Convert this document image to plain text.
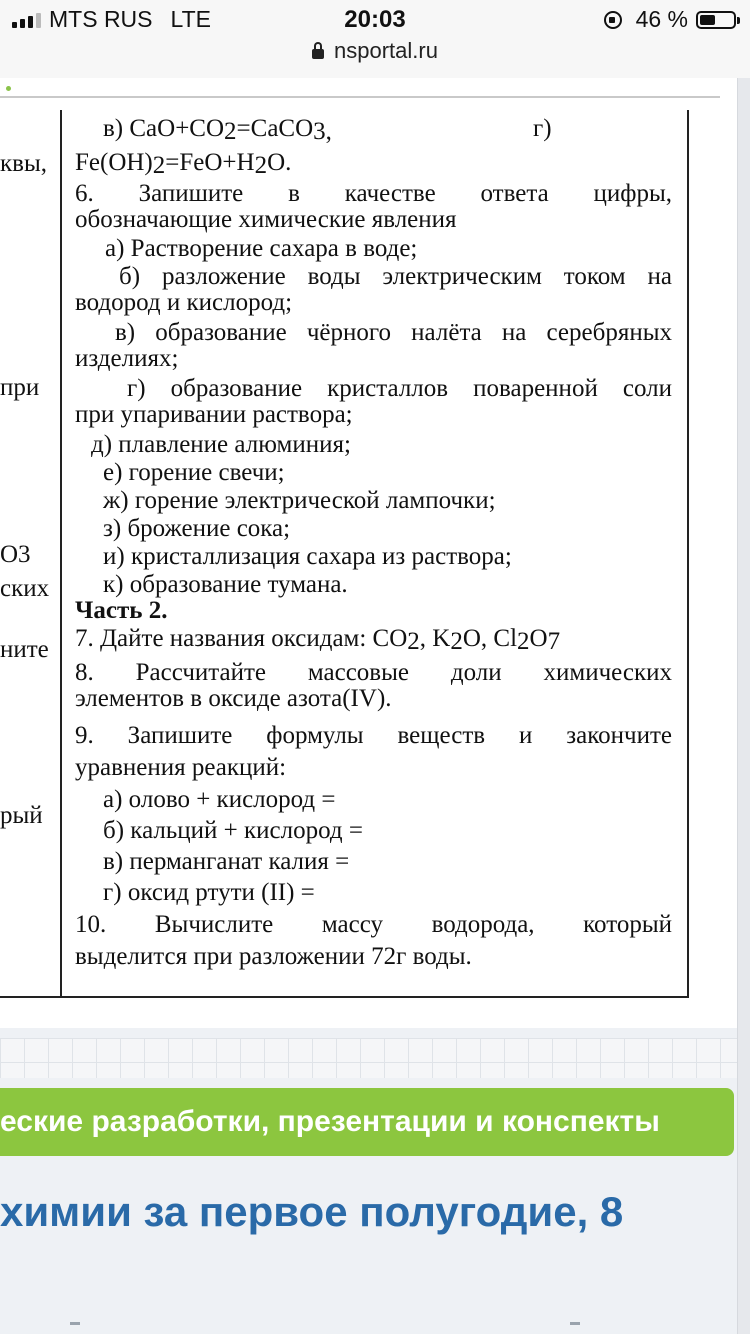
MTS RUS LTE	20:03	46 %
nsportal.ru
квы,
при
О3
ских
ните
рый
в) $CaO+CO_2=CaCO_{3,}$	г)
$Fe(OH)_2=FeO+H_2O$.
6. Запишите в качестве ответа цифры,
обозначающие химические явления
а) Растворение сахара в воде;
б) разложение воды электрическим током на
водород и кислород;
в) образование чёрного налёта на серебряных
изделиях;
г) образование кристаллов поваренной соли
при упаривании раствора;
д) плавление алюминия;
е) горение свечи;
ж) горение электрической лампочки;
з) брожение сока;
и) кристаллизация сахара из раствора;
к) образование тумана.
Часть 2.
7. Дайте названия оксидам: $CO_2$, $K_2O$, $Cl_2O_7$
8. Рассчитайте массовые доли химических
элементов в оксиде азота(IV).
9. Запишите формулы веществ и закончите
уравнения реакций:
а) олово + кислород =
б) кальций + кислород =
в) перманганат калия =
г) оксид ртути (II) =
10. Вычислите массу водорода, который
выделится при разложении 72г воды.
еские разработки, презентации и конспекты
химии за первое полугодие, 8
